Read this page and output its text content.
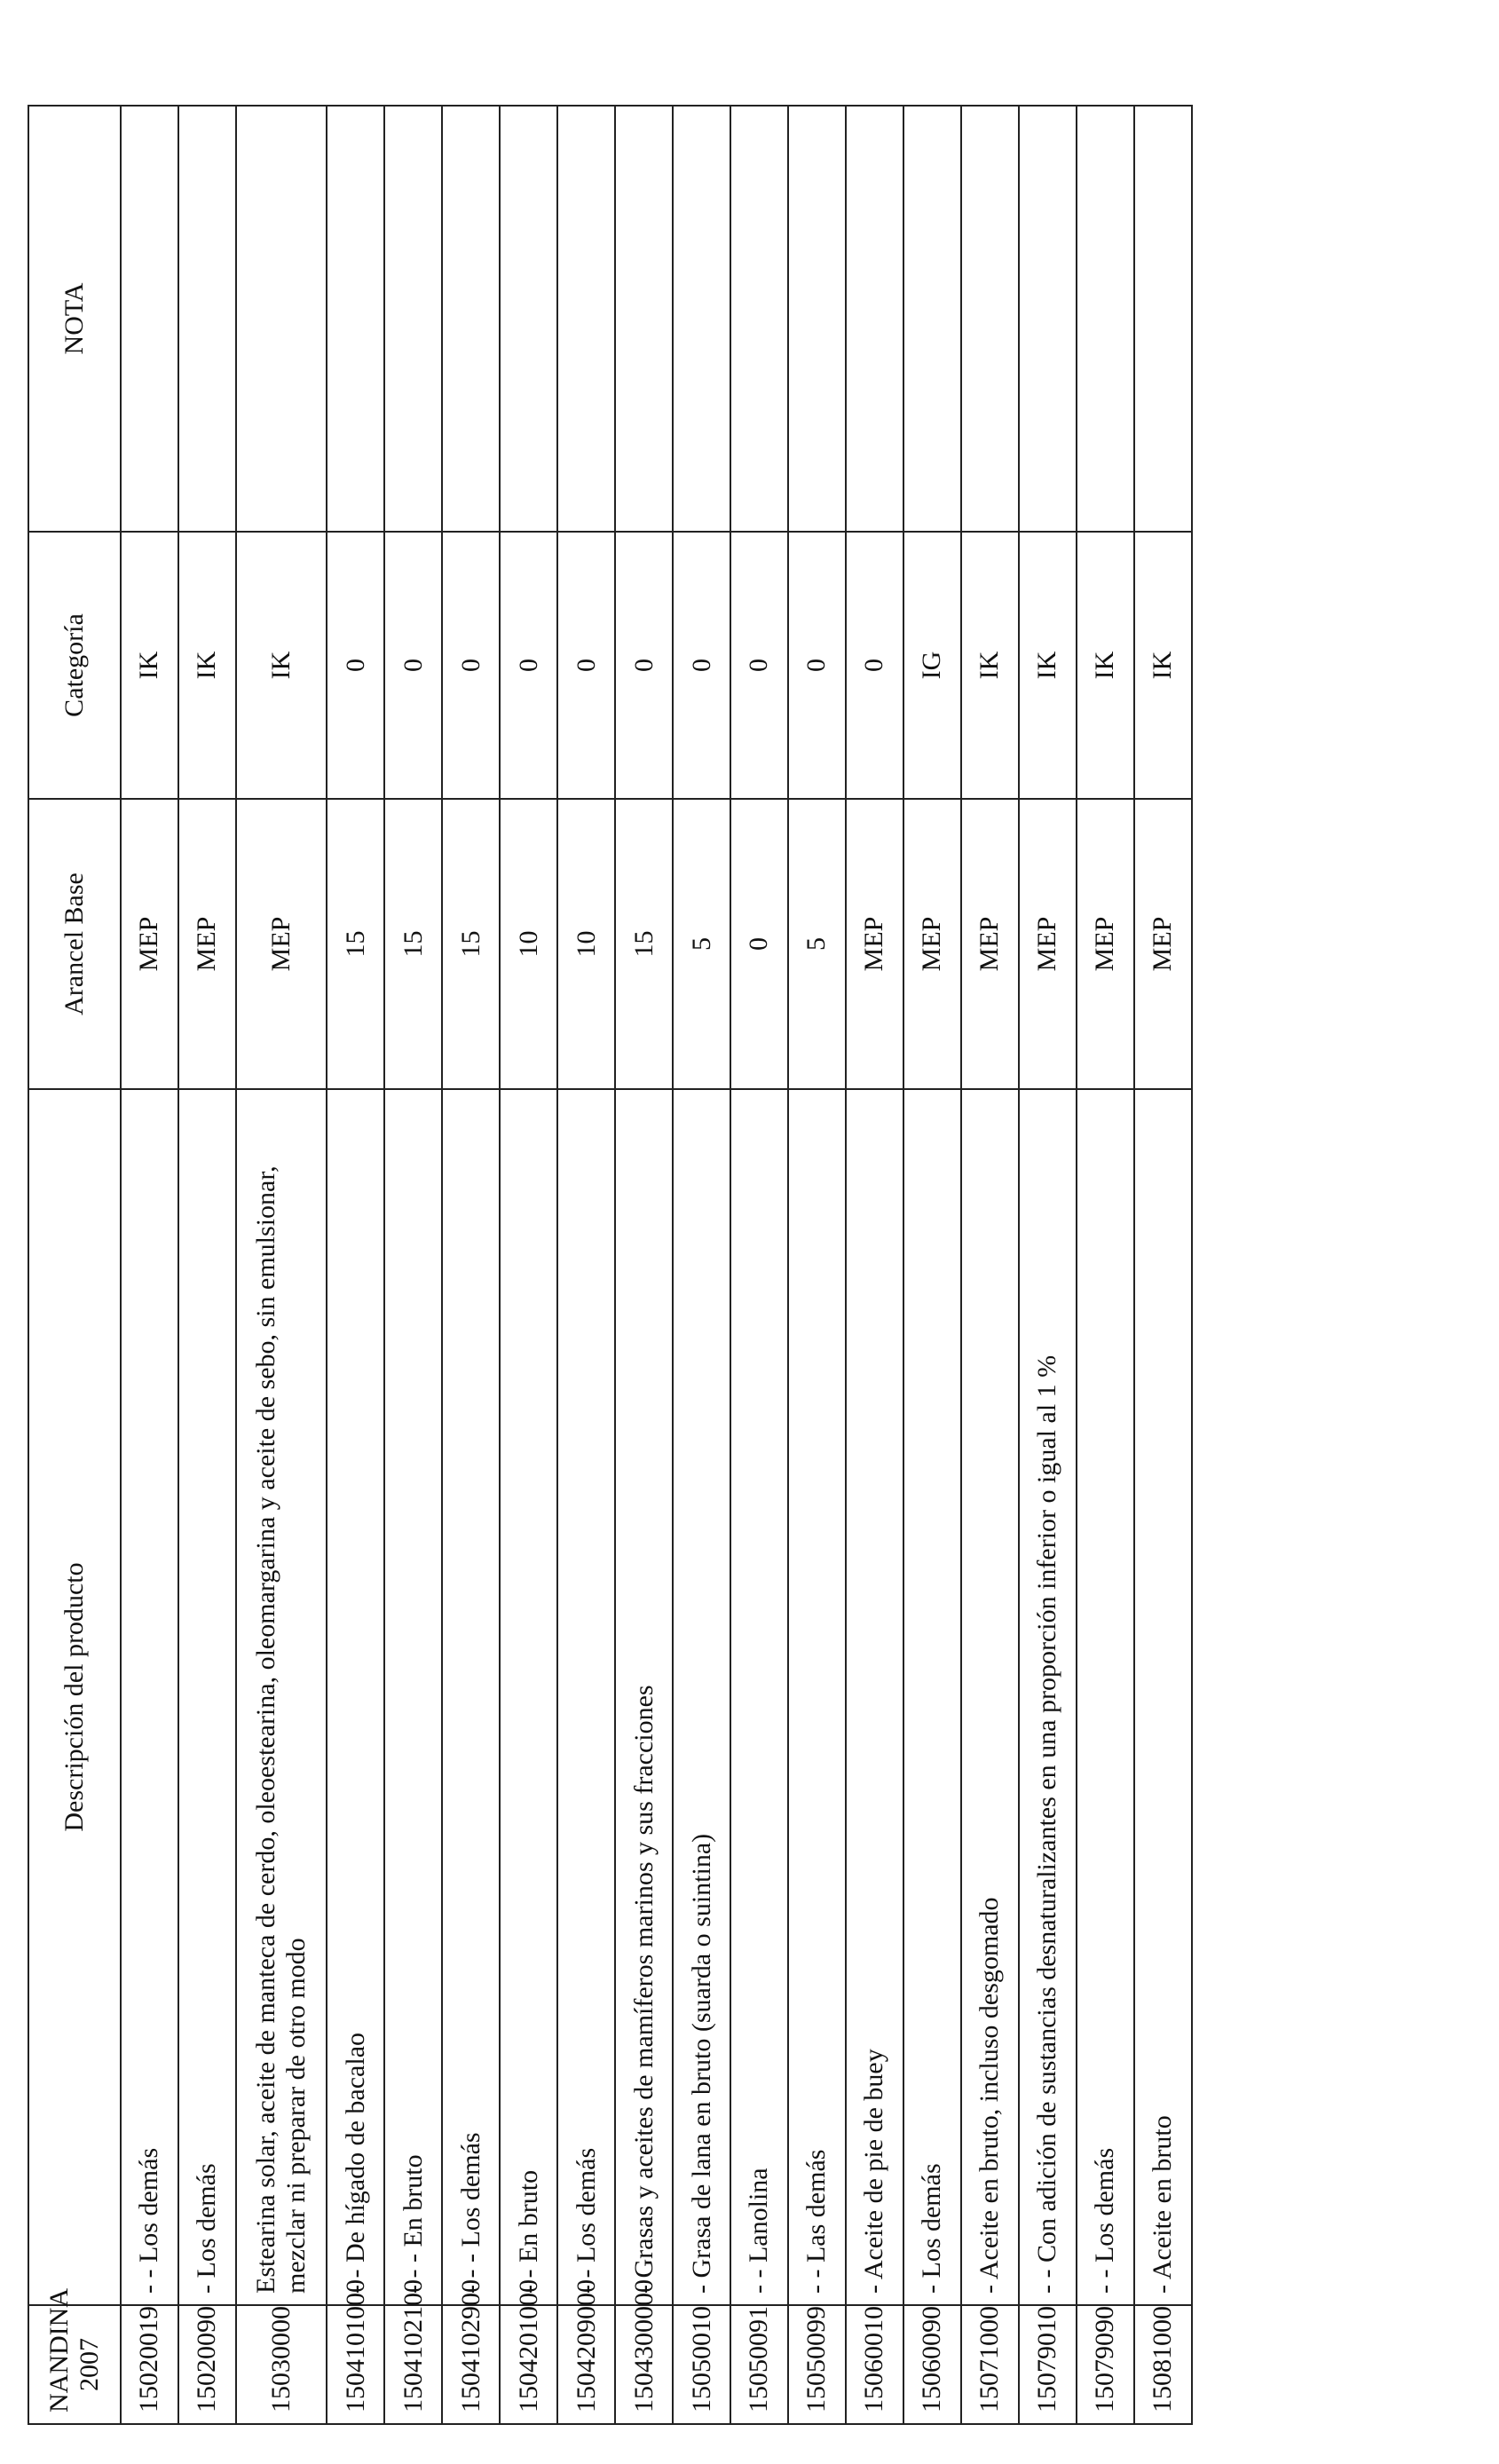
NANDINA 2007	Descripción del producto	Arancel Base	Categoría	NOTA
15020019	- - Los demás	MEP	IK	
15020090	- Los demás	MEP	IK	
15030000	Estearina solar, aceite de manteca de cerdo, oleoestearina, oleomargarina y aceite de sebo, sin emulsionar, mezclar ni preparar de otro modo	MEP	IK	
1504101000	- - De hígado de bacalao	15	0	
1504102100	- - - En bruto	15	0	
1504102900	- - - Los demás	15	0	
1504201000	- - En bruto	10	0	
1504209000	- - Los demás	10	0	
1504300000	- Grasas y aceites de mamíferos marinos y sus fracciones	15	0	
15050010	- Grasa de lana en bruto (suarda o suintina)	5	0	
15050091	- - Lanolina	0	0	
15050099	- - Las demás	5	0	
15060010	- Aceite de pie de buey	MEP	0	
15060090	- Los demás	MEP	IG	
15071000	- Aceite en bruto, incluso desgomado	MEP	IK	
15079010	- - Con adición de sustancias desnaturalizantes en una proporción inferior o igual al 1 %	MEP	IK	
15079090	- - Los demás	MEP	IK	
15081000	- Aceite en bruto	MEP	IK	
